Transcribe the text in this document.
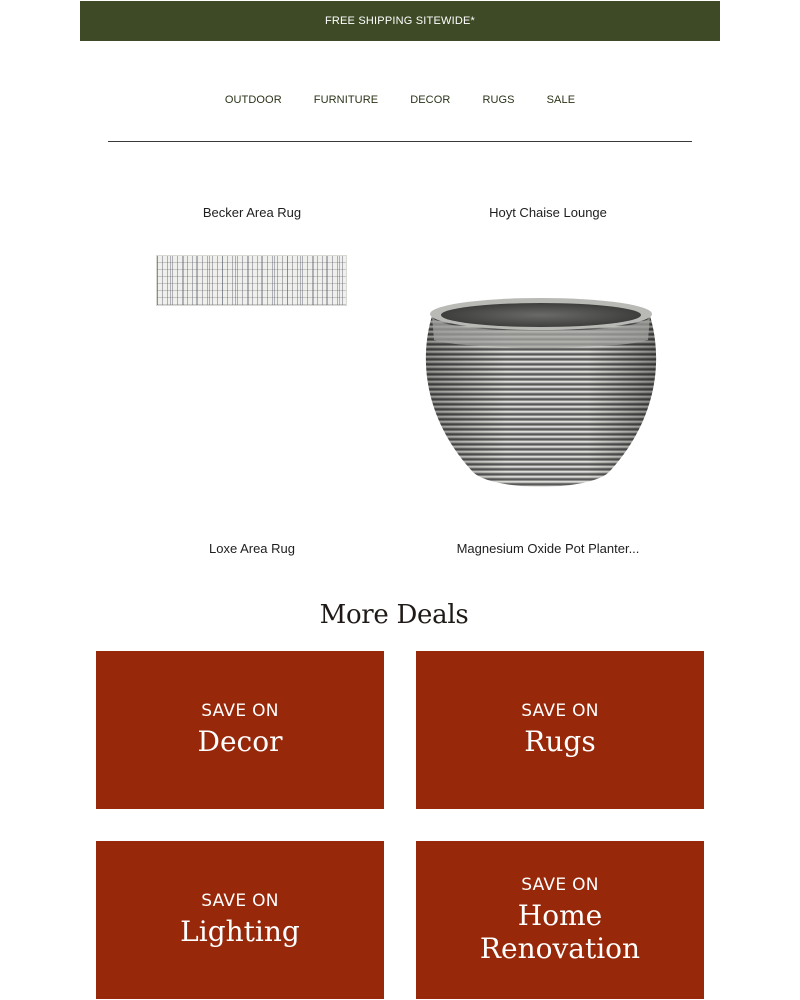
FREE SHIPPING SITEWIDE*
OUTDOOR	FURNITURE	DECOR	RUGS	SALE
Becker Area Rug	Hoyt Chaise Lounge
Loxe Area Rug	Magnesium Oxide Pot Planter...
More Deals
SAVE ON
Decor
SAVE ON
Rugs
SAVE ON
Lighting
SAVE ON
Home
Renovation
